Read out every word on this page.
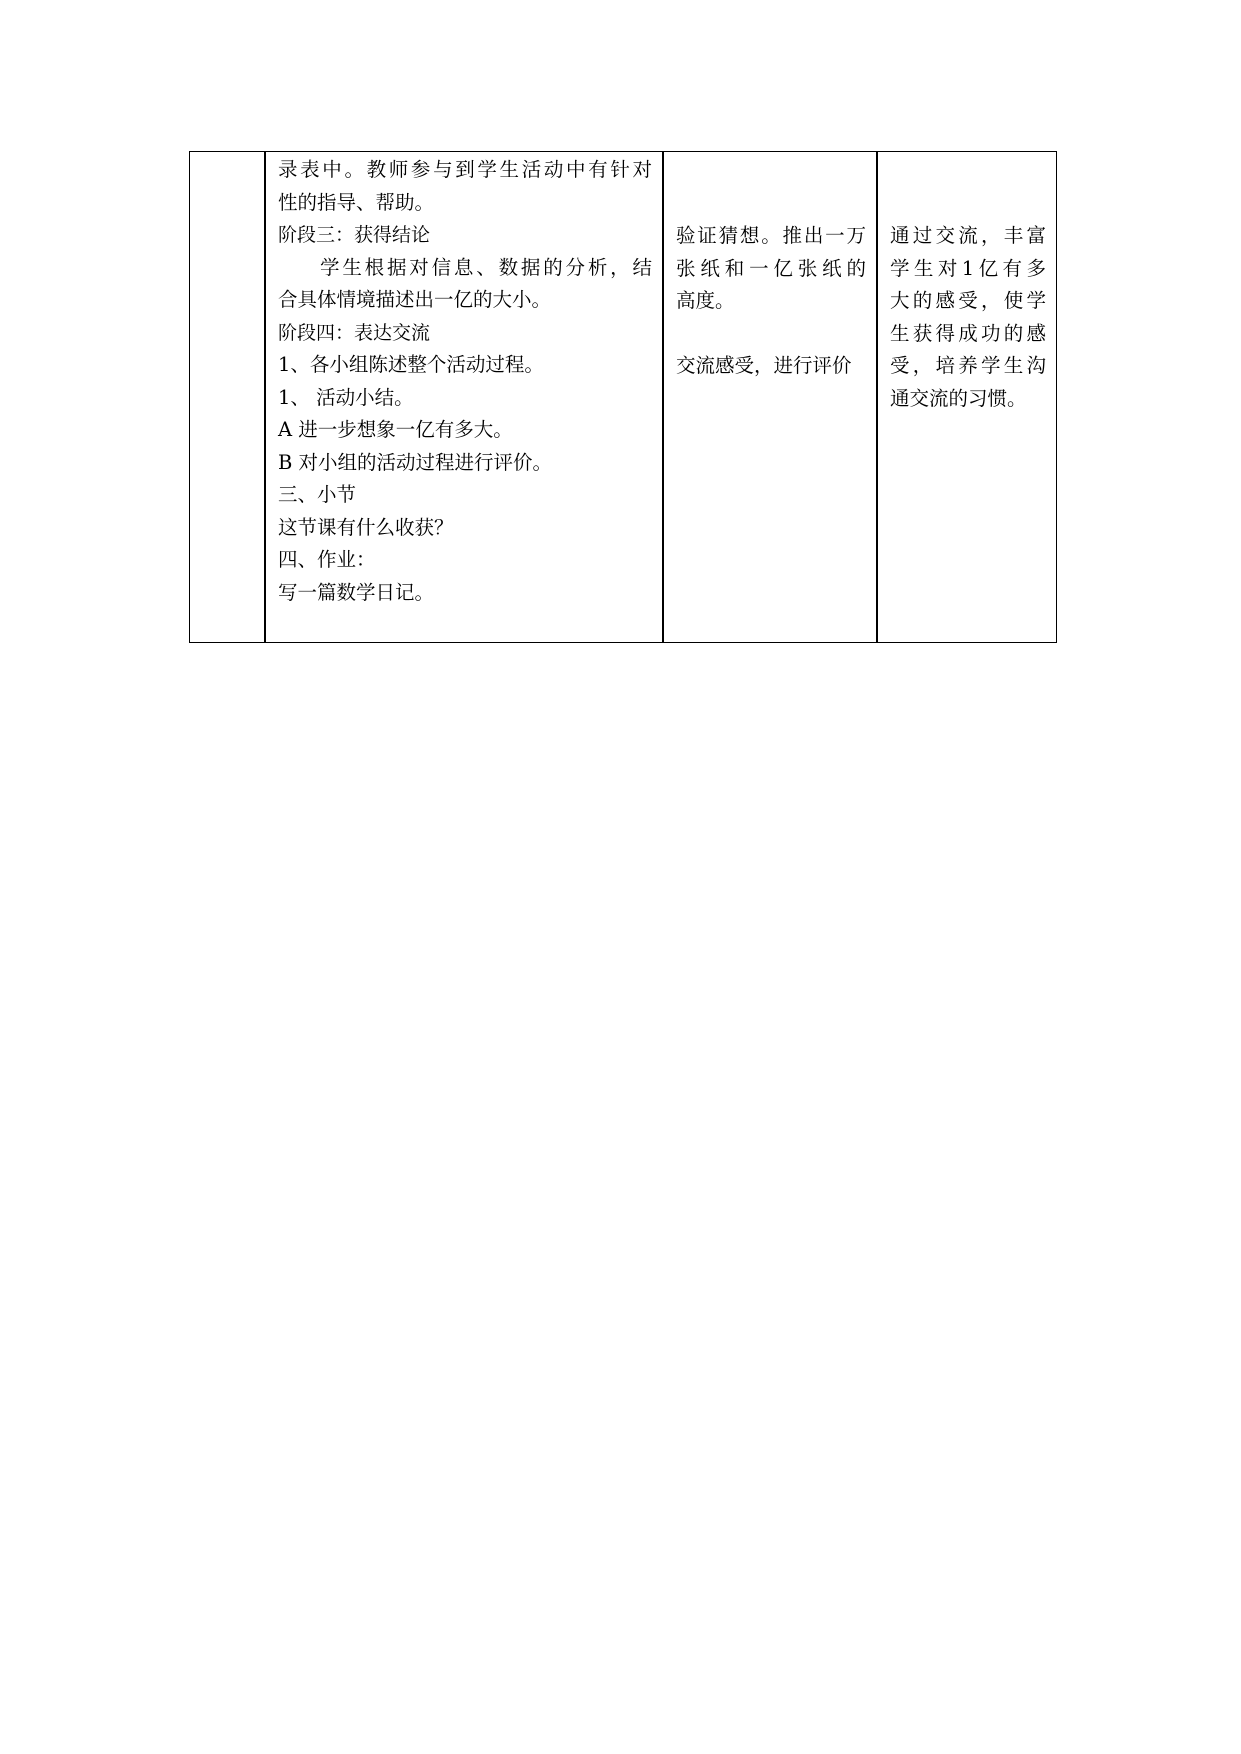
录表中。教师参与到学生活动中有针对
性的指导、帮助。
阶段三：获得结论
学生根据对信息、数据的分析，结
合具体情境描述出一亿的大小。
阶段四：表达交流
1、各小组陈述整个活动过程。
1、 活动小结。
A 进一步想象一亿有多大。
B 对小组的活动过程进行评价。
三、小节
这节课有什么收获？
四、作业：
写一篇数学日记。
验证猜想。推出一万
张纸和一亿张纸的
高度。
交流感受，进行评价
通过交流，丰富
学生对1亿有多
大的感受，使学
生获得成功的感
受，培养学生沟
通交流的习惯。
